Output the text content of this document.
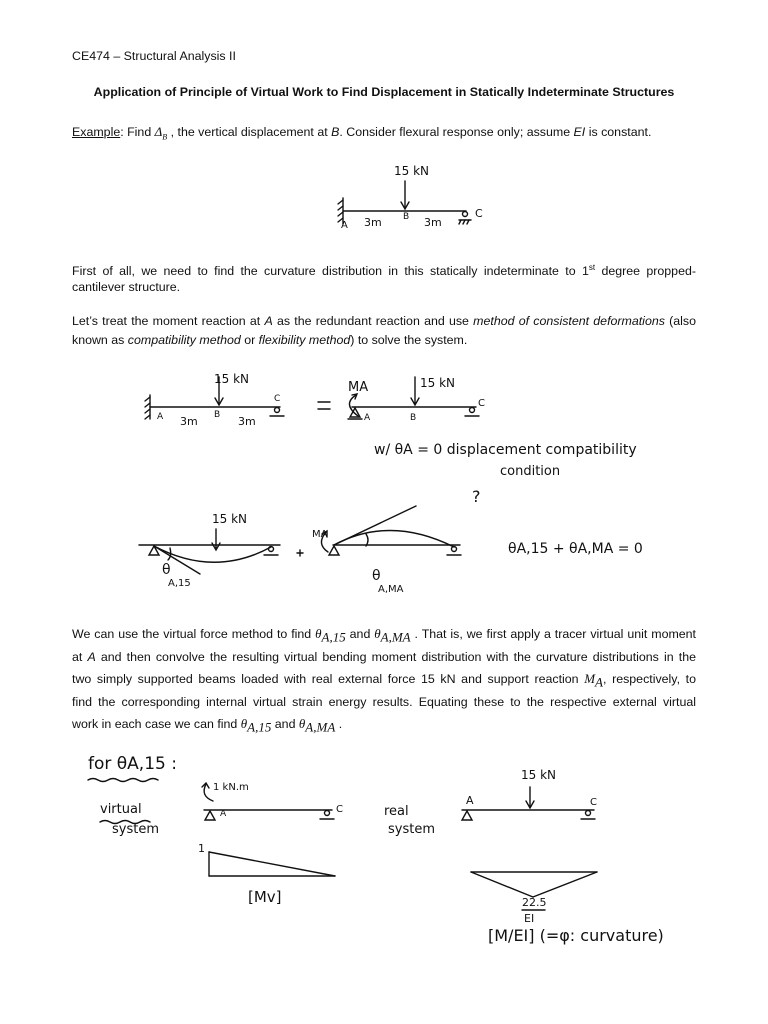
CE474 – Structural Analysis II
Application of Principle of Virtual Work to Find Displacement in Statically Indeterminate Structures
Example: Find $\Delta_B$ , the vertical displacement at B. Consider flexural response only; assume EI is constant.
15 kN
A
B	C
3m	3m
First of all, we need to find the curvature distribution in this statically indeterminate to 1st degree propped-
cantilever structure.
Let’s treat the moment reaction at A as the redundant reaction and use method of consistent deformations (also
known as compatibility method or flexibility method) to solve the system.
15 kN
A	B
C
3m	3m
MA	15 kN
A	B
C
w/ θA = 0 displacement compatibility
condition
?
15 kN
θ
A,15
MA
θ
A,MA
θA,15 + θA,MA = 0
We can use the virtual force method to find $\theta_{A,15}$ and $\theta_{A,MA}$ . That is, we first apply a tracer virtual unit moment
at A and then convolve the resulting virtual bending moment distribution with the curvature distributions in the
two simply supported beams loaded with real external force 15 kN and support reaction $M_A$, respectively, to
find the corresponding internal virtual strain energy results. Equating these to the respective external virtual
work in each case we can find $\theta_{A,15}$ and $\theta_{A,MA}$ .
for θA,15 :
virtual
system
1 kN.m
A	C
1
[Mv]
real
system
15 kN
A	C
22.5
EI
[M/EI] (=φ: curvature)
